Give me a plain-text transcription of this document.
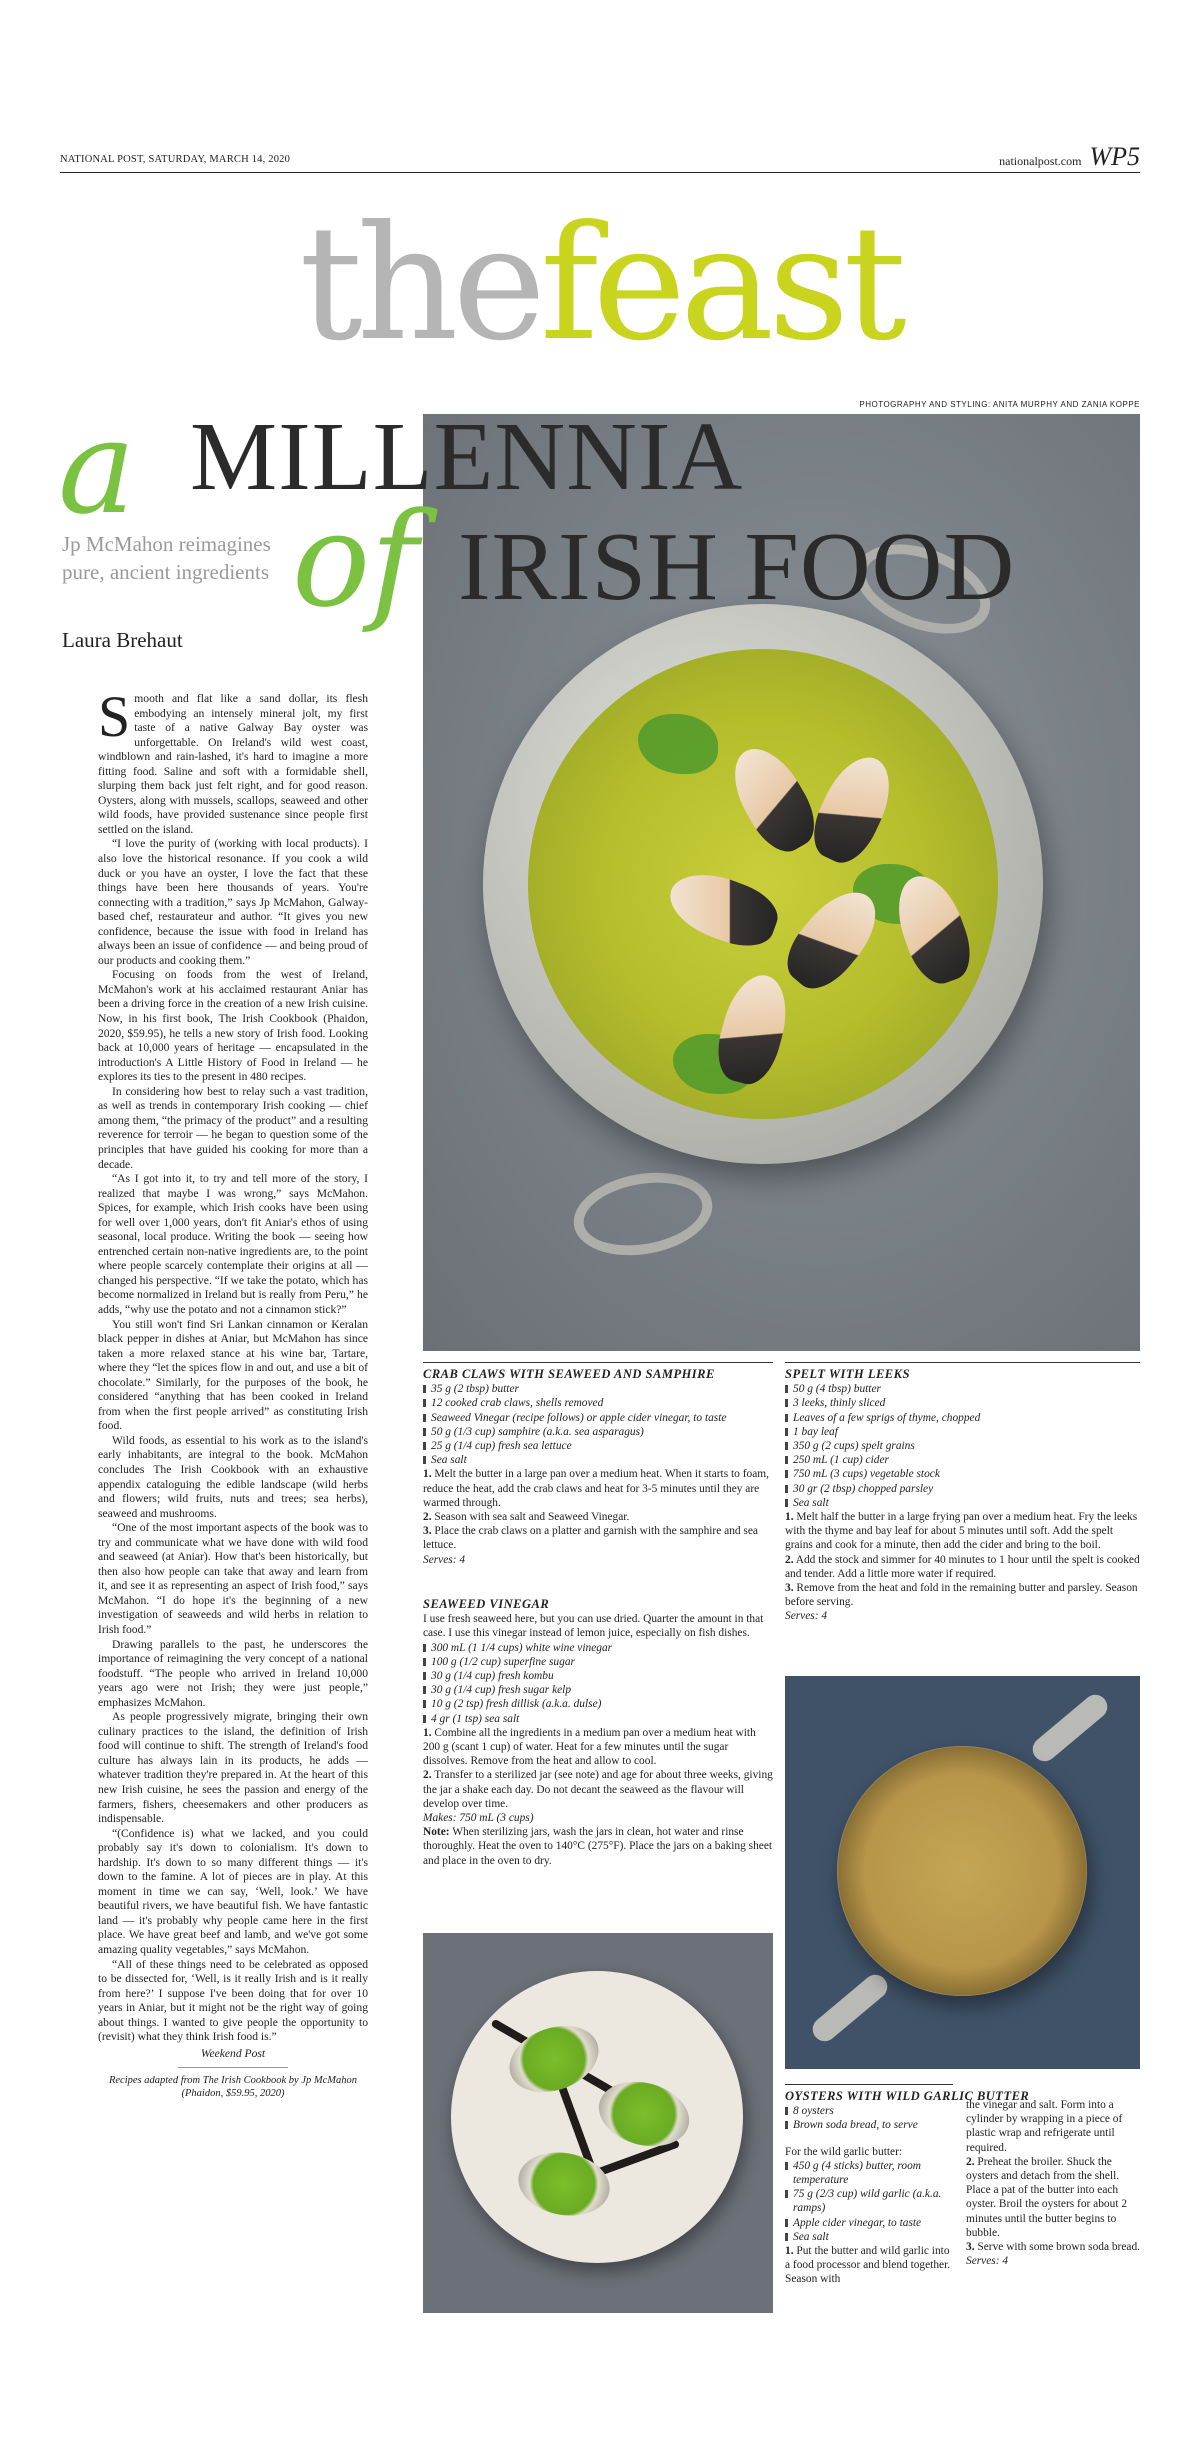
NATIONAL POST, SATURDAY, MARCH 14, 2020	nationalpost.com WP5
thefeast
PHOTOGRAPHY AND STYLING: ANITA MURPHY AND ZANIA KOPPE
a MILLENNIA
of IRISH FOOD
Jp McMahon reimagines pure, ancient ingredients
Laura Brehaut

Smooth and flat like a sand dollar, its flesh embodying an intensely mineral jolt, my first taste of a native Galway Bay oyster was unforgettable. On Ireland's wild west coast, windblown and rain-lashed, it's hard to imagine a more fitting food. Saline and soft with a formidable shell, slurping them back just felt right, and for good reason. Oysters, along with mussels, scallops, seaweed and other wild foods, have provided sustenance since people first settled on the island.

“I love the purity of (working with local products). I also love the historical resonance. If you cook a wild duck or you have an oyster, I love the fact that these things have been here thousands of years. You're connecting with a tradition,” says Jp McMahon, Galway-based chef, restaurateur and author. “It gives you new confidence, because the issue with food in Ireland has always been an issue of confidence — and being proud of our products and cooking them.”

Focusing on foods from the west of Ireland, McMahon's work at his acclaimed restaurant Aniar has been a driving force in the creation of a new Irish cuisine. Now, in his first book, The Irish Cookbook (Phaidon, 2020, $59.95), he tells a new story of Irish food. Looking back at 10,000 years of heritage — encapsulated in the introduction's A Little History of Food in Ireland — he explores its ties to the present in 480 recipes.

In considering how best to relay such a vast tradition, as well as trends in contemporary Irish cooking — chief among them, “the primacy of the product” and a resulting reverence for terroir — he began to question some of the principles that have guided his cooking for more than a decade.

“As I got into it, to try and tell more of the story, I realized that maybe I was wrong,” says McMahon. Spices, for example, which Irish cooks have been using for well over 1,000 years, don't fit Aniar's ethos of using seasonal, local produce. Writing the book — seeing how entrenched certain non-native ingredients are, to the point where people scarcely contemplate their origins at all — changed his perspective. “If we take the potato, which has become normalized in Ireland but is really from Peru,” he adds, “why use the potato and not a cinnamon stick?”

You still won't find Sri Lankan cinnamon or Keralan black pepper in dishes at Aniar, but McMahon has since taken a more relaxed stance at his wine bar, Tartare, where they “let the spices flow in and out, and use a bit of chocolate.” Similarly, for the purposes of the book, he considered “anything that has been cooked in Ireland from when the first people arrived” as constituting Irish food.

Wild foods, as essential to his work as to the island's early inhabitants, are integral to the book. McMahon concludes The Irish Cookbook with an exhaustive appendix cataloguing the edible landscape (wild herbs and flowers; wild fruits, nuts and trees; sea herbs), seaweed and mushrooms.

“One of the most important aspects of the book was to try and communicate what we have done with wild food and seaweed (at Aniar). How that's been historically, but then also how people can take that away and learn from it, and see it as representing an aspect of Irish food,” says McMahon. “I do hope it's the beginning of a new investigation of seaweeds and wild herbs in relation to Irish food.”

Drawing parallels to the past, he underscores the importance of reimagining the very concept of a national foodstuff. “The people who arrived in Ireland 10,000 years ago were not Irish; they were just people,” emphasizes McMahon.

As people progressively migrate, bringing their own culinary practices to the island, the definition of Irish food will continue to shift. The strength of Ireland's food culture has always lain in its products, he adds — whatever tradition they're prepared in. At the heart of this new Irish cuisine, he sees the passion and energy of the farmers, fishers, cheesemakers and other producers as indispensable.

“(Confidence is) what we lacked, and you could probably say it's down to colonialism. It's down to hardship. It's down to so many different things — it's down to the famine. A lot of pieces are in play. At this moment in time we can say, ‘Well, look.’ We have beautiful rivers, we have beautiful fish. We have fantastic land — it's probably why people came here in the first place. We have great beef and lamb, and we've got some amazing quality vegetables,” says McMahon.

“All of these things need to be celebrated as opposed to be dissected for, ‘Well, is it really Irish and is it really from here?’ I suppose I've been doing that for over 10 years in Aniar, but it might not be the right way of going about things. I wanted to give people the opportunity to (revisit) what they think Irish food is.”

Weekend Post

Recipes adapted from The Irish Cookbook by Jp McMahon (Phaidon, $59.95, 2020)

CRAB CLAWS WITH SEAWEED AND SAMPHIRE

35 g (2 tbsp) butter

12 cooked crab claws, shells removed

Seaweed Vinegar (recipe follows) or apple cider vinegar, to taste

50 g (1/3 cup) samphire (a.k.a. sea asparagus)

25 g (1/4 cup) fresh sea lettuce

Sea salt

1. Melt the butter in a large pan over a medium heat. When it starts to foam, reduce the heat, add the crab claws and heat for 3-5 minutes until they are warmed through.

2. Season with sea salt and Seaweed Vinegar.

3. Place the crab claws on a platter and garnish with the samphire and sea lettuce.

Serves: 4

SEAWEED VINEGAR

I use fresh seaweed here, but you can use dried. Quarter the amount in that case. I use this vinegar instead of lemon juice, especially on fish dishes.

300 mL (1 1/4 cups) white wine vinegar

100 g (1/2 cup) superfine sugar

30 g (1/4 cup) fresh kombu

30 g (1/4 cup) fresh sugar kelp

10 g (2 tsp) fresh dillisk (a.k.a. dulse)

4 gr (1 tsp) sea salt

1. Combine all the ingredients in a medium pan over a medium heat with 200 g (scant 1 cup) of water. Heat for a few minutes until the sugar dissolves. Remove from the heat and allow to cool.

2. Transfer to a sterilized jar (see note) and age for about three weeks, giving the jar a shake each day. Do not decant the seaweed as the flavour will develop over time.

Makes: 750 mL (3 cups)

Note: When sterilizing jars, wash the jars in clean, hot water and rinse thoroughly. Heat the oven to 140°C (275°F). Place the jars on a baking sheet and place in the oven to dry.

SPELT WITH LEEKS

50 g (4 tbsp) butter

3 leeks, thinly sliced

Leaves of a few sprigs of thyme, chopped

1 bay leaf

350 g (2 cups) spelt grains

250 mL (1 cup) cider

750 mL (3 cups) vegetable stock

30 gr (2 tbsp) chopped parsley

Sea salt

1. Melt half the butter in a large frying pan over a medium heat. Fry the leeks with the thyme and bay leaf for about 5 minutes until soft. Add the spelt grains and cook for a minute, then add the cider and bring to the boil.

2. Add the stock and simmer for 40 minutes to 1 hour until the spelt is cooked and tender. Add a little more water if required.

3. Remove from the heat and fold in the remaining butter and parsley. Season before serving.

Serves: 4

OYSTERS WITH WILD GARLIC BUTTER

8 oysters

Brown soda bread, to serve

For the wild garlic butter:

450 g (4 sticks) butter, room temperature

75 g (2/3 cup) wild garlic (a.k.a. ramps)

Apple cider vinegar, to taste

Sea salt

1. Put the butter and wild garlic into a food processor and blend together. Season with

the vinegar and salt. Form into a cylinder by wrapping in a piece of plastic wrap and refrigerate until required.

2. Preheat the broiler. Shuck the oysters and detach from the shell. Place a pat of the butter into each oyster. Broil the oysters for about 2 minutes until the butter begins to bubble.

3. Serve with some brown soda bread.

Serves: 4
